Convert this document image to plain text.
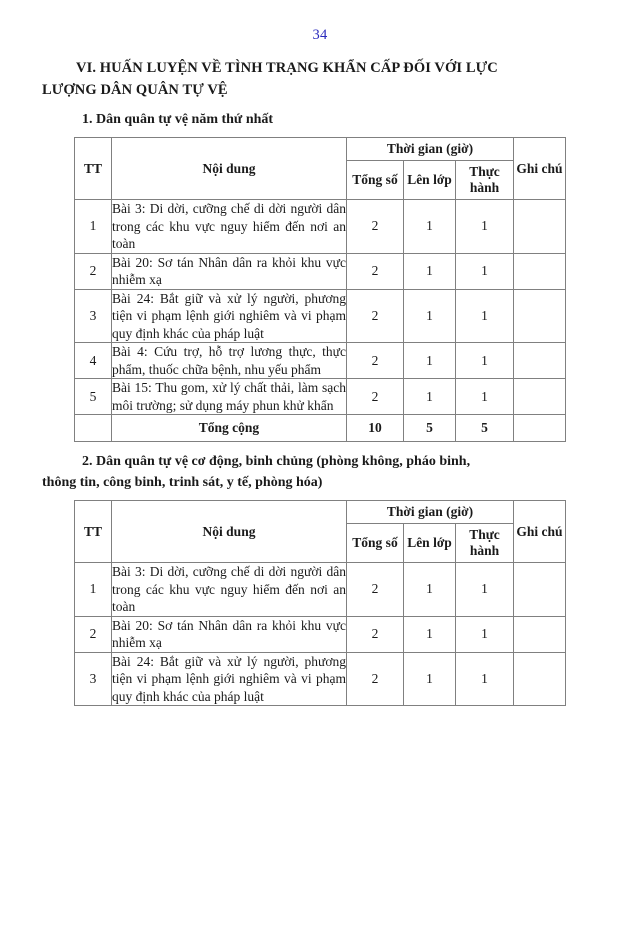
34
VI. HUẤN LUYỆN VỀ TÌNH TRẠNG KHẨN CẤP ĐỐI VỚI LỰC
LƯỢNG DÂN QUÂN TỰ VỆ
1. Dân quân tự vệ năm thứ nhất
TT	Nội dung	Thời gian (giờ)			Ghi chú
		Tổng số	Lên lớp	Thực hành	
1	Bài 3: Di dời, cưỡng chế di dời người dân trong các khu vực nguy hiểm đến nơi an toàn	2	1	1	
2	Bài 20: Sơ tán Nhân dân ra khỏi khu vực nhiễm xạ	2	1	1	
3	Bài 24: Bắt giữ và xử lý người, phương tiện vi phạm lệnh giới nghiêm và vi phạm quy định khác của pháp luật	2	1	1	
4	Bài 4: Cứu trợ, hỗ trợ lương thực, thực phẩm, thuốc chữa bệnh, nhu yếu phẩm	2	1	1	
5	Bài 15: Thu gom, xử lý chất thải, làm sạch môi trường; sử dụng máy phun khử khẩn	2	1	1	
	Tổng cộng	10	5	5	
2. Dân quân tự vệ cơ động, binh chủng (phòng không, pháo binh,
thông tin, công binh, trinh sát, y tế, phòng hóa)
TT	Nội dung	Thời gian (giờ)			Ghi chú
		Tổng số	Lên lớp	Thực hành	
1	Bài 3: Di dời, cưỡng chế di dời người dân trong các khu vực nguy hiểm đến nơi an toàn	2	1	1	
2	Bài 20: Sơ tán Nhân dân ra khỏi khu vực nhiễm xạ	2	1	1	
3	Bài 24: Bắt giữ và xử lý người, phương tiện vi phạm lệnh giới nghiêm và vi phạm quy định khác của pháp luật	2	1	1	
